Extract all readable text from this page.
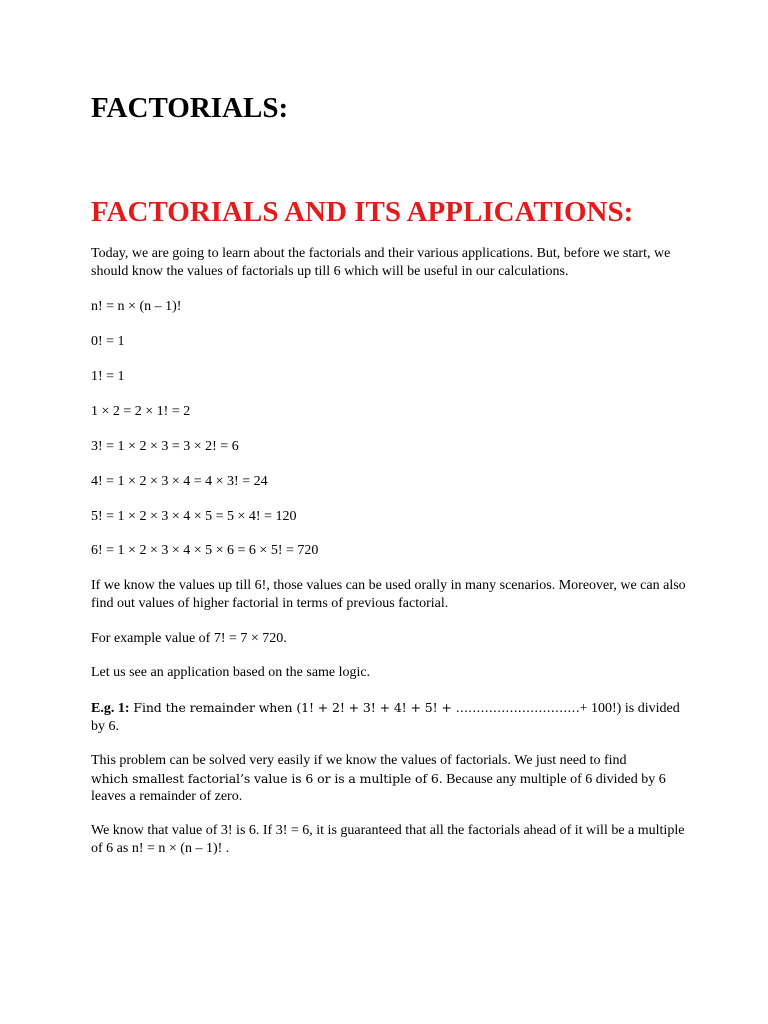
FACTORIALS:
FACTORIALS AND ITS APPLICATIONS:

Today, we are going to learn about the factorials and their various applications. But, before we start, we should know the values of factorials up till 6 which will be useful in our calculations.

n! = n × (n – 1)!

0! = 1

1! = 1

1 × 2 = 2 × 1! = 2

3! = 1 × 2 × 3 = 3 × 2! = 6

4! = 1 × 2 × 3 × 4 = 4 × 3! = 24

5! = 1 × 2 × 3 × 4 × 5 = 5 × 4! = 120

6! = 1 × 2 × 3 × 4 × 5 × 6 = 6 × 5! = 720

If we know the values up till 6!, those values can be used orally in many scenarios. Moreover, we can also find out values of higher factorial in terms of previous factorial.

For example value of 7! = 7 × 720.

Let us see an application based on the same logic.

E.g. 1: Find the remainder when (1! + 2! + 3! + 4! + 5! + …………………………+ 100!) is divided by 6.

This problem can be solved very easily if we know the values of factorials. We just need to find
which smallest factorial’s value is 6 or is a multiple of 6. Because any multiple of 6 divided by 6
leaves a remainder of zero.

We know that value of 3! is 6. If 3! = 6, it is guaranteed that all the factorials ahead of it will be a multiple of 6 as n! = n × (n – 1)! .
